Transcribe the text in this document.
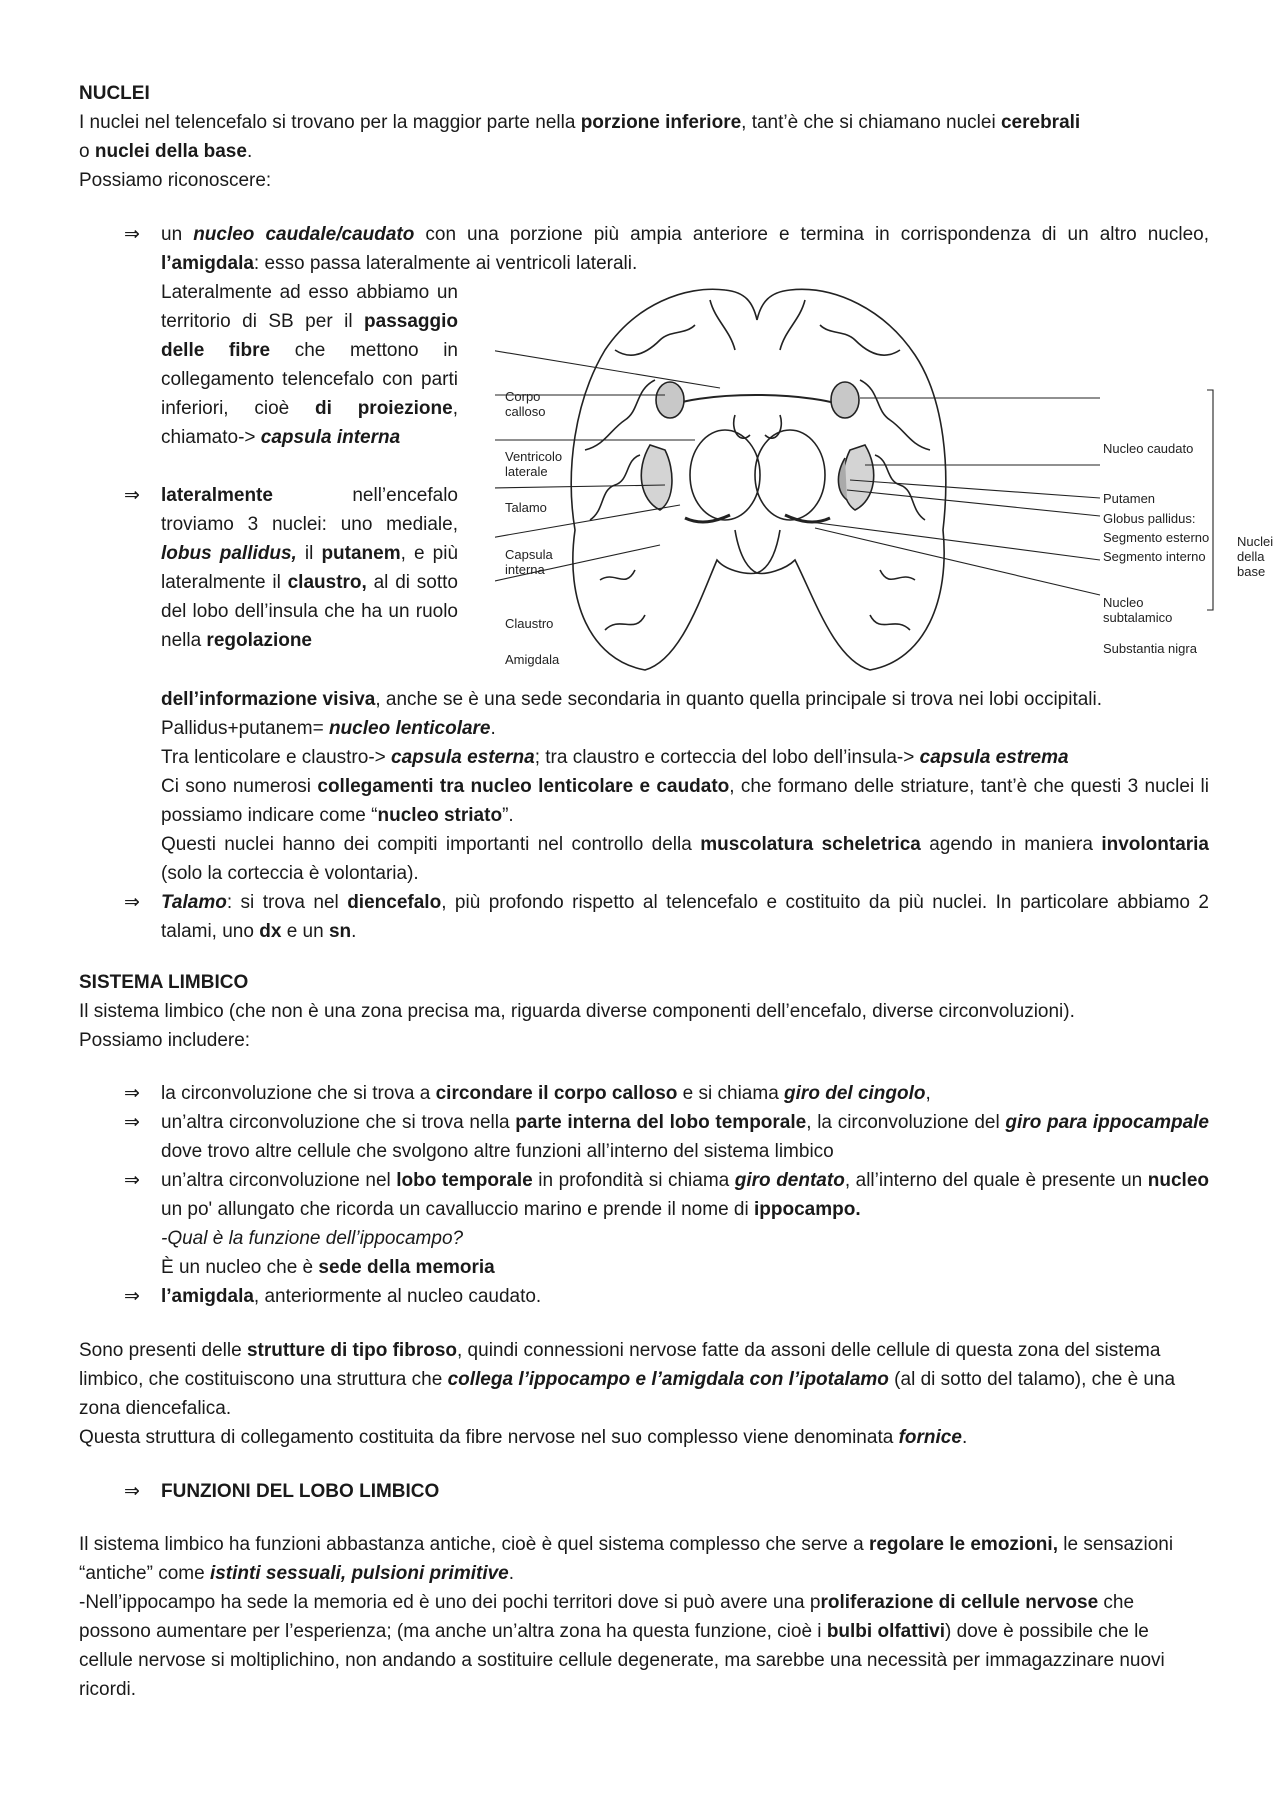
NUCLEI
I nuclei nel telencefalo si trovano per la maggior parte nella porzione inferiore, tant’è che si chiamano nuclei cerebrali
o nuclei della base.
Possiamo riconoscere:
⇒	un nucleo caudale/caudato con una porzione più ampia anteriore e termina in corrispondenza di un altro nucleo, l’amigdala: esso passa lateralmente ai ventricoli laterali.
Lateralmente ad esso abbiamo un territorio di SB per il passaggio delle fibre che mettono in collegamento telencefalo con parti inferiori, cioè di proiezione, chiamato-> capsula interna
⇒	lateralmente nell’encefalo troviamo 3 nuclei: uno mediale, lobus pallidus, il putanem, e più lateralmente il claustro, al di sotto del lobo dell’insula che ha un ruolo nella regolazione
dell’informazione visiva, anche se è una sede secondaria in quanto quella principale si trova nei lobi occipitali.
Pallidus+putanem= nucleo lenticolare.
Tra lenticolare e claustro-> capsula esterna; tra claustro e corteccia del lobo dell’insula-> capsula estrema
Ci sono numerosi collegamenti tra nucleo lenticolare e caudato, che formano delle striature, tant’è che questi 3 nuclei li possiamo indicare come “nucleo striato”.
Questi nuclei hanno dei compiti importanti nel controllo della muscolatura scheletrica agendo in maniera involontaria (solo la corteccia è volontaria).
⇒	Talamo: si trova nel diencefalo, più profondo rispetto al telencefalo e costituito da più nuclei. In particolare abbiamo 2 talami, uno dx e un sn.
Corpo
calloso
Ventricolo
laterale
Talamo
Capsula
interna
Claustro
Amigdala
Nucleo caudato
Putamen
Globus pallidus:
Segmento esterno
Segmento interno
Nucleo
subtalamico
Substantia nigra
Nuclei
della
base
SISTEMA LIMBICO
Il sistema limbico (che non è una zona precisa ma, riguarda diverse componenti dell’encefalo, diverse circonvoluzioni). Possiamo includere:
⇒	la circonvoluzione che si trova a circondare il corpo calloso e si chiama giro del cingolo,
⇒	un’altra circonvoluzione che si trova nella parte interna del lobo temporale, la circonvoluzione del giro para ippocampale dove trovo altre cellule che svolgono altre funzioni all’interno del sistema limbico
⇒	un’altra circonvoluzione nel lobo temporale in profondità si chiama giro dentato, all’interno del quale è presente un nucleo un po' allungato che ricorda un cavalluccio marino e prende il nome di ippocampo.
-Qual è la funzione dell’ippocampo?
È un nucleo che è sede della memoria
⇒	l’amigdala, anteriormente al nucleo caudato.
Sono presenti delle strutture di tipo fibroso, quindi connessioni nervose fatte da assoni delle cellule di questa zona del sistema limbico, che costituiscono una struttura che collega l’ippocampo e l’amigdala con l’ipotalamo (al di sotto del talamo), che è una zona diencefalica.
Questa struttura di collegamento costituita da fibre nervose nel suo complesso viene denominata fornice.
⇒	FUNZIONI DEL LOBO LIMBICO
Il sistema limbico ha funzioni abbastanza antiche, cioè è quel sistema complesso che serve a regolare le emozioni, le sensazioni “antiche” come istinti sessuali, pulsioni primitive.
-Nell’ippocampo ha sede la memoria ed è uno dei pochi territori dove si può avere una proliferazione di cellule nervose che possono aumentare per l’esperienza; (ma anche un’altra zona ha questa funzione, cioè i bulbi olfattivi) dove è possibile che le cellule nervose si moltiplichino, non andando a sostituire cellule degenerate, ma sarebbe una necessità per immagazzinare nuovi ricordi.
